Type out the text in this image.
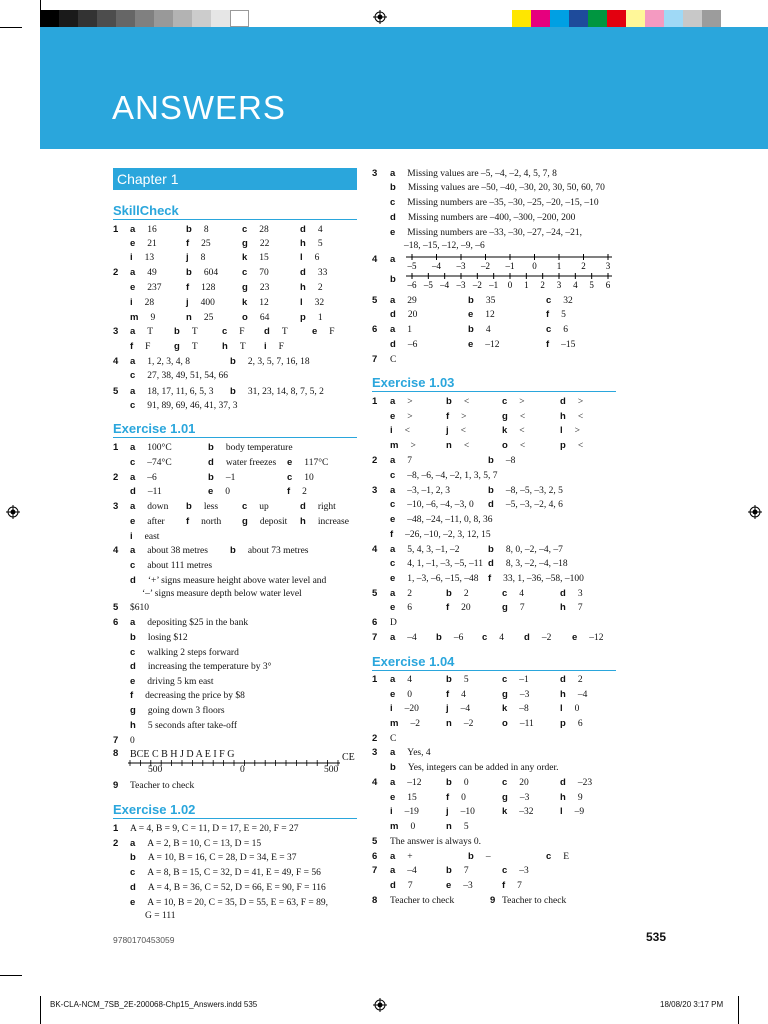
ANSWERS
Chapter 1
SkillCheck
Exercise 1.01
Exercise 1.02
Exercise 1.03
Exercise 1.04
1 a 16	b 8	c 28	d 4
e 21	f 25	g 22	h 5
i 13	j 8	k 15	l 6
2 a 49	b 604	c 70	d 33
e 237	f 128	g 23	h 2
i 28	j 400	k 12	l 32
m 9	n 25	o 64	p 1
3 a T b T	c F d T	e F
f F g T	h T i F
4 a 1, 2, 3, 4, 8	b 2, 3, 5, 7, 16, 18
c 27, 38, 49, 51, 54, 66
5 a 18, 17, 11, 6, 5, 3 b 31, 23, 14, 8, 7, 5, 2
c 91, 89, 69, 46, 41, 37, 3
1 a 100°C	b body temperature
c –74°C	d water freezes e 117°C
2 a –6	b –1	c 10
d –11	e 0	f 2
3 a down b less	c up	d right
e after f north g deposit h increase
i east
4 a about 38 metres b about 73 metres
c about 111 metres
d ‘+’ signs measure height above water level and
‘–’ signs measure depth below water level
5 $610
6 a depositing $25 in the bank
b losing $12
c walking 2 steps forward
d increasing the temperature by 3°
e driving 5 km east
f decreasing the price by $8
g going down 3 floors
h 5 seconds after take-off
7 0
9 Teacher to check
1 A = 4, B = 9, C = 11, D = 17, E = 20, F = 27
2 a A = 2, B = 10, C = 13, D = 15
b A = 10, B = 16, C = 28, D = 34, E = 37
c A = 8, B = 15, C = 32, D = 41, E = 49, F = 56
d A = 4, B = 36, C = 52, D = 66, E = 90, F = 116
e A = 10, B = 20, C = 35, D = 55, E = 63, F = 89,
G = 111
3 a Missing values are –5, –4, –2, 4, 5, 7, 8
b Missing values are –50, –40, –30, 20, 30, 50, 60, 70
c Missing numbers are –35, –30, –25, –20, –15, –10
d Missing numbers are –400, –300, –200, 200
e Missing numbers are –33, –30, –27, –24, –21,
–18, –15, –12, –9, –6
5 a 29	b 35	c 32
d 20	e 12	f 5
6 a 1	b 4	c 6
d –6	e –12	f –15
7 C
1 a >	b <	c >	d >
e >	f >	g <	h <
i <	j <	k <	l >
m >	n <	o <	p <
2 a 7	b –8
c –8, –6, –4, –2, 1, 3, 5, 7
3 a –3, –1, 2, 3	b –8, –5, –3, 2, 5
c –10, –6, –4, –3, 0 d –5, –3, –2, 4, 6
e –48, –24, –11, 0, 8, 36
f –26, –10, –2, 3, 12, 15
4 a 5, 4, 3, –1, –2	b 8, 0, –2, –4, –7
c 4, 1, –1, –3, –5, –11 d 8, 3, –2, –4, –18
e 1, –3, –6, –15, –48 f 33, 1, –36, –58, –100
5 a 2	b 2	c 4	d 3
e 6	f 20	g 7	h 7
6 D
7 a –4 b –6 c 4 d –2 e –12
1 a 4	b 5	c –1	d 2
e 0	f 4	g –3	h –4
i –20	j –4	k –8	l 0
m –2	n –2	o –11	p 6
2 C
3 a Yes, 4
b Yes, integers can be added in any order.
4 a –12	b 0	c 20	d –23
e 15	f 0	g –3	h 9
i –19	j –10	k –32	l –9
m 0	n 5
5 The answer is always 0.
6 a +	b –	c E
7 a –4	b 7	c –3
d 7	e –3	f 7
8 Teacher to check	9 Teacher to check
8 BCE C B H J D A E I F G	CE
500	0	500
4 a
b
–5 –4 –3 –2 –1 0 1 2 3
–6 –5 –4 –3 –2 –1 0 1 2 3 4 5 6
9780170453059	535
BK-CLA-NCM_7SB_2E-200068-Chp15_Answers.indd 535	18/08/20 3:17 PM
